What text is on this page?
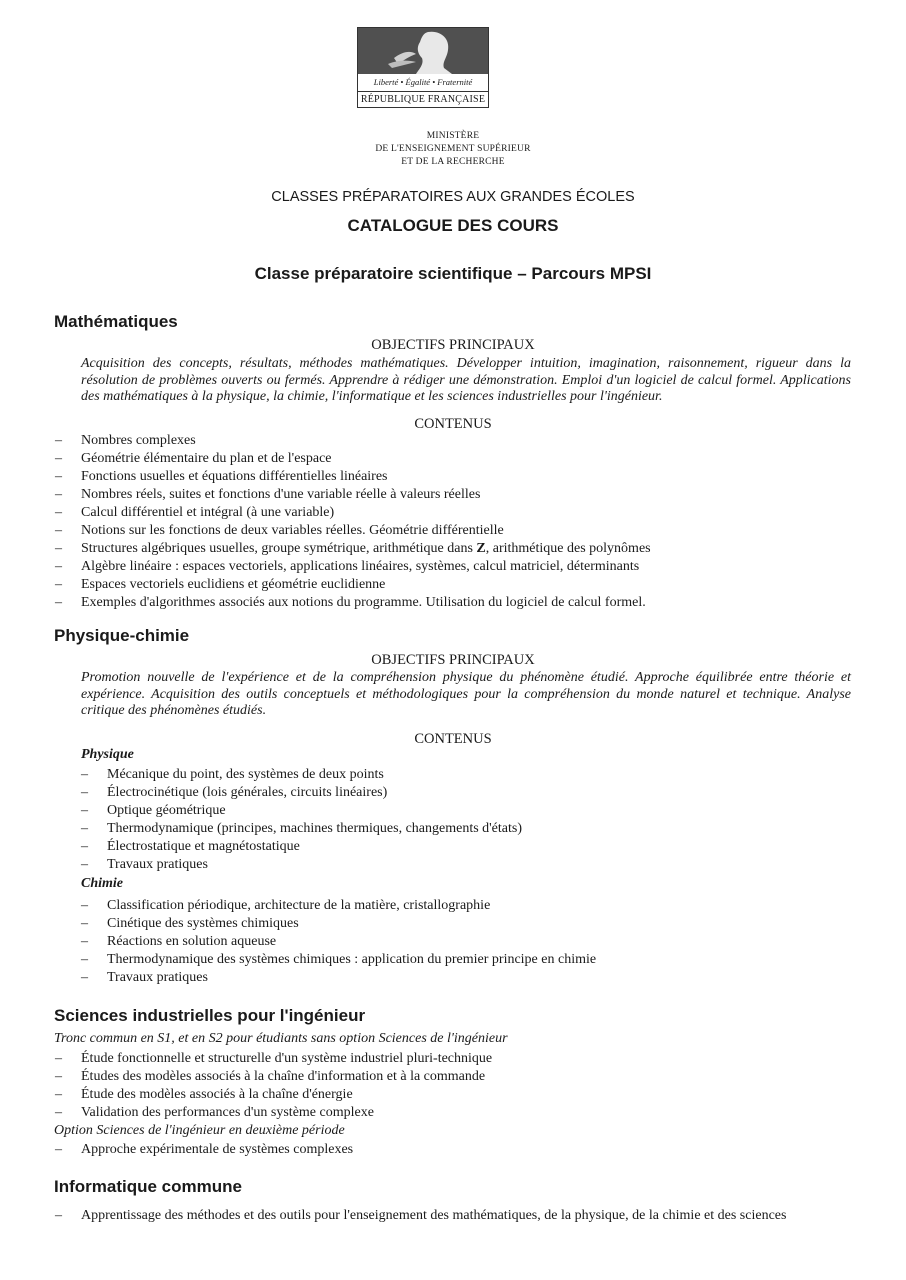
Liberté • Égalité • Fraternité
RÉPUBLIQUE FRANÇAISE
MINISTÈRE
DE L'ENSEIGNEMENT SUPÉRIEUR
ET DE LA RECHERCHE
CLASSES PRÉPARATOIRES AUX GRANDES ÉCOLES
CATALOGUE DES COURS
Classe préparatoire scientifique – Parcours MPSI
Mathématiques
OBJECTIFS PRINCIPAUX
Acquisition des concepts, résultats, méthodes mathématiques. Développer intuition, imagination, raisonnement, rigueur dans la résolution de problèmes ouverts ou fermés. Apprendre à rédiger une démonstration. Emploi d'un logiciel de calcul formel. Applications des mathématiques à la physique, la chimie, l'informatique et les sciences industrielles pour l'ingénieur.
CONTENUS
– Nombres complexes
– Géométrie élémentaire du plan et de l'espace
– Fonctions usuelles et équations différentielles linéaires
– Nombres réels, suites et fonctions d'une variable réelle à valeurs réelles
– Calcul différentiel et intégral (à une variable)
– Notions sur les fonctions de deux variables réelles. Géométrie différentielle
– Structures algébriques usuelles, groupe symétrique, arithmétique dans Z, arithmétique des polynômes
– Algèbre linéaire : espaces vectoriels, applications linéaires, systèmes, calcul matriciel, déterminants
– Espaces vectoriels euclidiens et géométrie euclidienne
– Exemples d'algorithmes associés aux notions du programme. Utilisation du logiciel de calcul formel.
Physique-chimie
OBJECTIFS PRINCIPAUX
Promotion nouvelle de l'expérience et de la compréhension physique du phénomène étudié. Approche équilibrée entre théorie et expérience. Acquisition des outils conceptuels et méthodologiques pour la compréhension du monde naturel et technique. Analyse critique des phénomènes étudiés.
CONTENUS
Physique
– Mécanique du point, des systèmes de deux points
– Électrocinétique (lois générales, circuits linéaires)
– Optique géométrique
– Thermodynamique (principes, machines thermiques, changements d'états)
– Électrostatique et magnétostatique
– Travaux pratiques
Chimie
– Classification périodique, architecture de la matière, cristallographie
– Cinétique des systèmes chimiques
– Réactions en solution aqueuse
– Thermodynamique des systèmes chimiques : application du premier principe en chimie
– Travaux pratiques
Sciences industrielles pour l'ingénieur
Tronc commun en S1, et en S2 pour étudiants sans option Sciences de l'ingénieur
– Étude fonctionnelle et structurelle d'un système industriel pluri-technique
– Études des modèles associés à la chaîne d'information et à la commande
– Étude des modèles associés à la chaîne d'énergie
– Validation des performances d'un système complexe
Option Sciences de l'ingénieur en deuxième période
– Approche expérimentale de systèmes complexes
Informatique commune
– Apprentissage des méthodes et des outils pour l'enseignement des mathématiques, de la physique, de la chimie et des sciences
